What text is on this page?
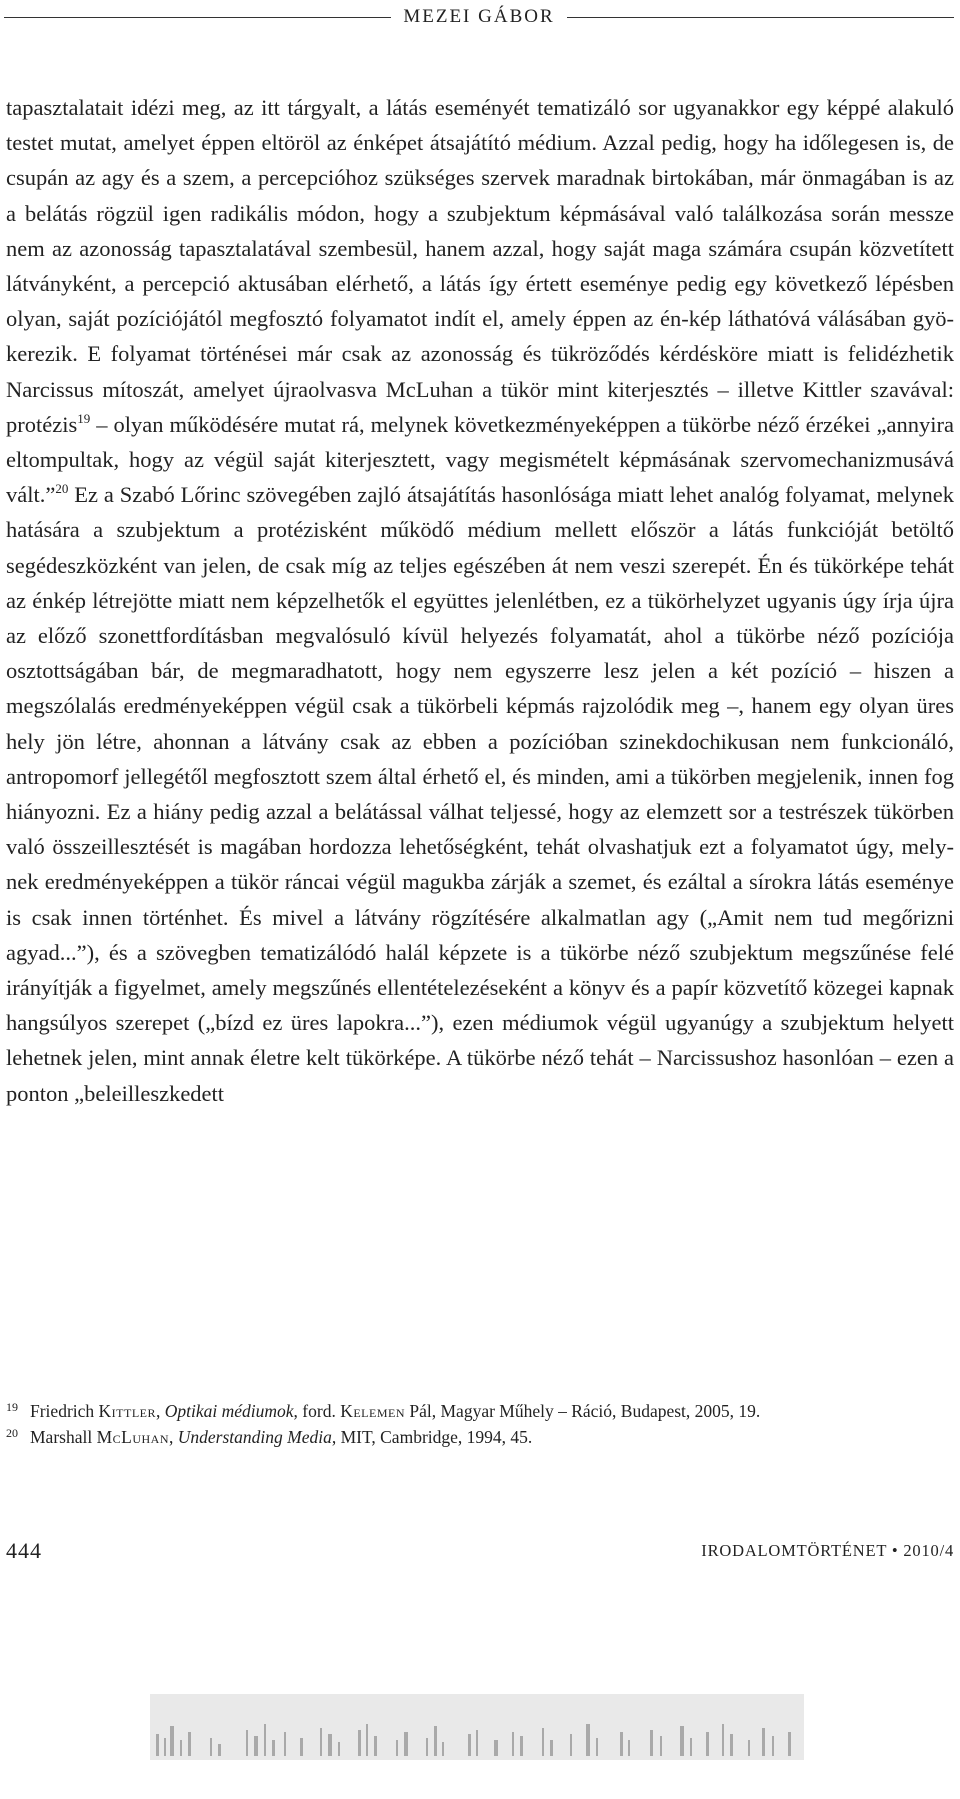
MEZEI GÁBOR

tapasztalatait idézi meg, az itt tárgyalt, a látás eseményét tematizáló sor ugyanakkor egy képpé alakuló testet mutat, amelyet éppen eltöröl az énképet átsajátító médium. Azzal pedig, hogy ha időlegesen is, de csupán az agy és a szem, a percepcióhoz szükséges szervek maradnak birtokában, már önmagában is az a belátás rögzül igen radikális módon, hogy a szubjektum képmásával való találkozása során messze nem az azonosság tapasztalatával szembesül, hanem azzal, hogy saját maga számára csupán közvetített látványként, a percepció aktusában elérhető, a látás így értett eseménye pedig egy következő lépésben olyan, saját pozíciójától megfosztó folyamatot indít el, amely éppen az én-kép láthatóvá válásában gyökerezik. E folyamat történései már csak az azonosság és tükröződés kérdésköre miatt is felidézhetik Narcissus mítoszát, amelyet újraolvasva McLuhan a tükör mint kiterjesztés – illetve Kittler szavával: protézis$^{19}$ – olyan működésére mutat rá, melynek következményeképpen a tükörbe néző érzékei „annyira eltompultak, hogy az végül saját kiterjesztett, vagy megismételt képmásának szervomechanizmusává vált.”$^{20}$ Ez a Szabó Lőrinc szövegében zajló átsajátítás hasonlósága miatt lehet analóg folyamat, melynek hatására a szubjektum a protézisként működő médium mellett először a látás funkcióját betöltő segédeszközként van jelen, de csak míg az teljes egészében át nem veszi szerepét. Én és tükörképe tehát az énkép létrejötte miatt nem képzelhetők el együttes jelenlétben, ez a tükörhelyzet ugyanis úgy írja újra az előző szonettfordításban megvalósuló kívül helyezés folyamatát, ahol a tükörbe néző pozíciója osztottságában bár, de megmaradhatott, hogy nem egyszerre lesz jelen a két pozíció – hiszen a megszólalás eredményeképpen végül csak a tükörbeli képmás rajzolódik meg –, hanem egy olyan üres hely jön létre, ahonnan a látvány csak az ebben a pozícióban szinekdochikusan nem funkcionáló, antropomorf jellegétől megfosztott szem által érhető el, és minden, ami a tükörben megjelenik, innen fog hiányozni. Ez a hiány pedig azzal a belátással válhat teljessé, hogy az elemzett sor a testrészek tükörben való összeillesztését is magában hordozza lehetőségként, tehát olvashatjuk ezt a folyamatot úgy, melynek eredményeképpen a tükör ráncai végül magukba zárják a szemet, és ezáltal a sírokra látás eseménye is csak innen történhet. És mivel a látvány rögzítésére alkalmatlan agy („Amit nem tud megőrizni agyad...”), és a szövegben tematizálódó halál képzete is a tükörbe néző szubjektum megszűnése felé irányítják a figyelmet, amely megszűnés ellentételezéseként a könyv és a papír közvetítő közegei kapnak hangsúlyos szerepet („bízd ez üres lapokra...”), ezen médiumok végül ugyanúgy a szubjektum helyett lehetnek jelen, mint annak életre kelt tükörképe. A tükörbe néző tehát – Narcissushoz hasonlóan – ezen a ponton „beleilleszkedett

19 Friedrich Kittler, Optikai médiumok, ford. Kelemen Pál, Magyar Műhely – Ráció, Budapest, 2005, 19.

20 Marshall McLuhan, Understanding Media, MIT, Cambridge, 1994, 45.

444	IRODALOMTÖRTÉNET • 2010/4
